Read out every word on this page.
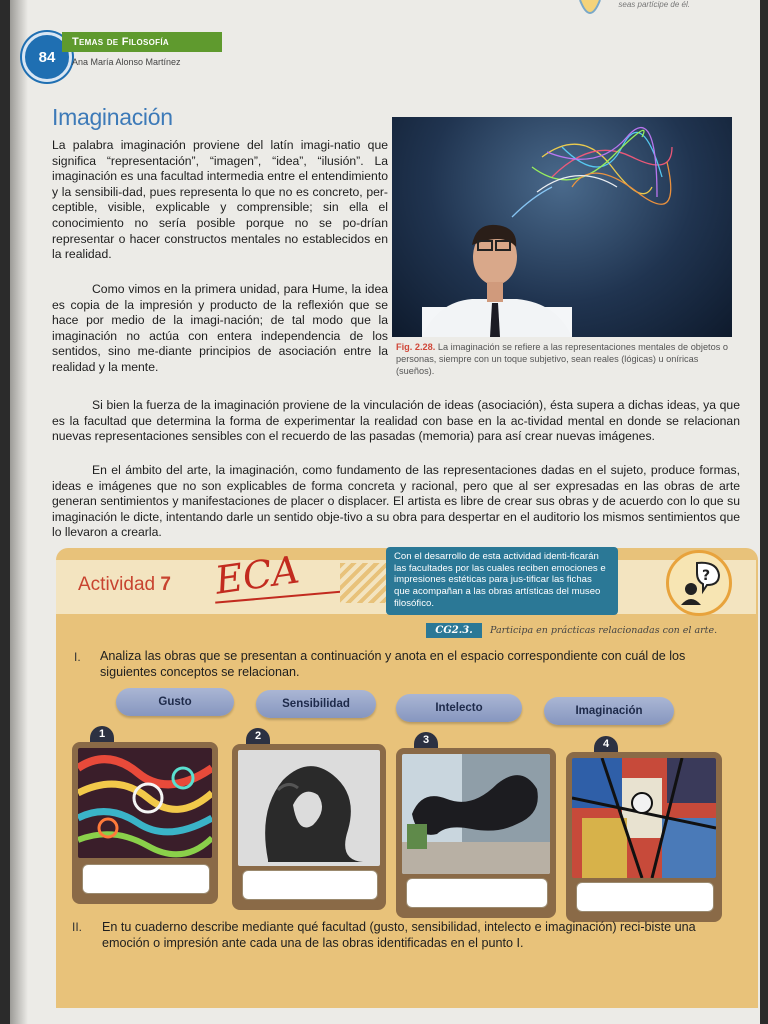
84
Temas de Filosofía
Ana María Alonso Martínez
seas partícipe de él.
Imaginación
La palabra imaginación proviene del latín imagi-natio que significa “representación”, “imagen”, “idea”, “ilusión”. La imaginación es una facultad intermedia entre el entendimiento y la sensibili-dad, pues representa lo que no es concreto, per-ceptible, visible, explicable y comprensible; sin ella el conocimiento no sería posible porque no se po-drían representar o hacer constructos mentales no establecidos en la realidad.
Como vimos en la primera unidad, para Hume, la idea es copia de la impresión y producto de la reflexión que se hace por medio de la imagi-nación; de tal modo que la imaginación no actúa con entera independencia de los sentidos, sino me-diante principios de asociación entre la realidad y la mente.
Fig. 2.28. La imaginación se refiere a las representaciones mentales de objetos o personas, siempre con un toque subjetivo, sean reales (lógicas) u oníricas (sueños).
Si bien la fuerza de la imaginación proviene de la vinculación de ideas (asociación), ésta supera a dichas ideas, ya que es la facultad que determina la forma de experimentar la realidad con base en la ac-tividad mental en donde se relacionan nuevas representaciones sensibles con el recuerdo de las pasadas (memoria) para así crear nuevas imágenes.
En el ámbito del arte, la imaginación, como fundamento de las representaciones dadas en el sujeto, produce formas, ideas e imágenes que no son explicables de forma concreta y racional, pero que al ser expresadas en las obras de arte generan sentimientos y manifestaciones de placer o displacer. El artista es libre de crear sus obras y de acuerdo con lo que su imaginación le dicte, intentando darle un sentido obje-tivo a su obra para despertar en el auditorio los mismos sentimientos que lo llevaron a crearla.
Actividad 7 ECA	Con el desarrollo de esta actividad identi-ficarán las facultades por las cuales reciben emociones e impresiones estéticas para jus-tificar las fichas que acompañan a las obras artísticas del museo filosófico.
?
CG2.3.	Participa en prácticas relacionadas con el arte.
I. Analiza las obras que se presentan a continuación y anota en el espacio correspondiente con cuál de los siguientes conceptos se relacionan.
Gusto	Sensibilidad	Intelecto	Imaginación
1	2	3	4
II. En tu cuaderno describe mediante qué facultad (gusto, sensibilidad, intelecto e imaginación) reci-biste una emoción o impresión ante cada una de las obras identificadas en el punto I.
